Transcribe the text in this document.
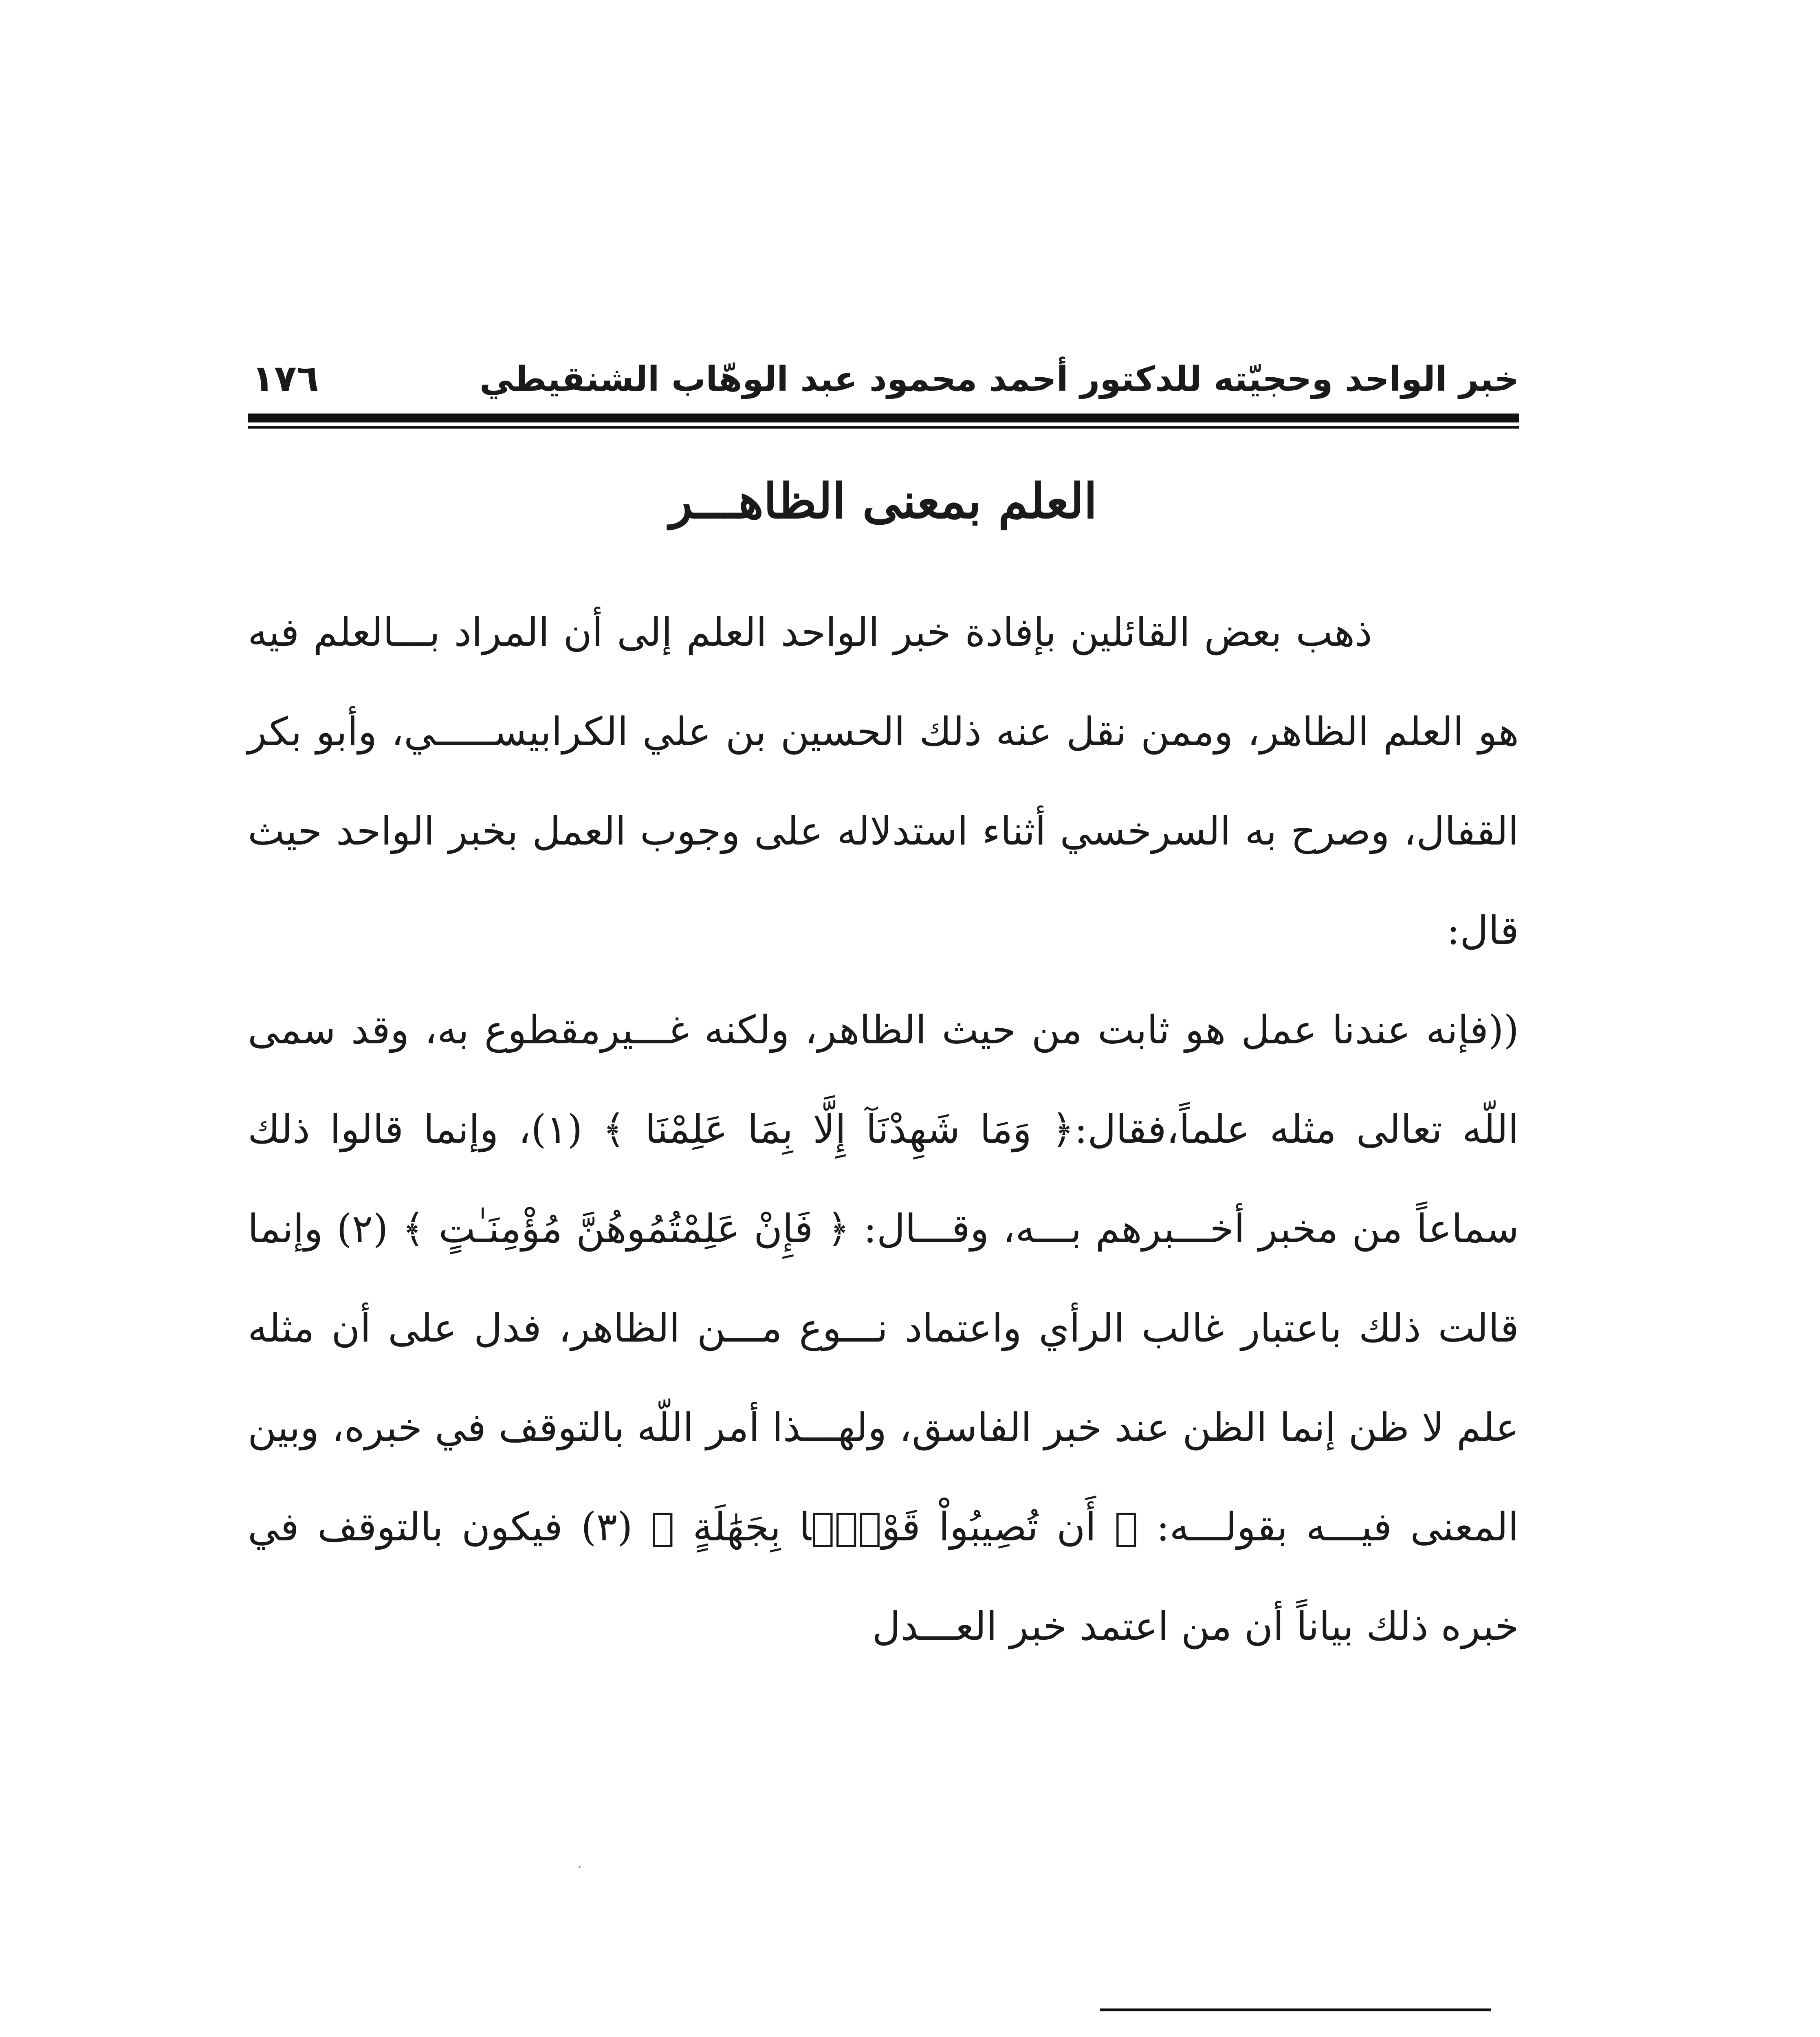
خبر الواحد وحجيّته للدكتور أحمد محمود عبد الوهّاب الشنقيطي
١٧٦
العلم بمعنى الظاهـــر

ذهب بعض القائلين بإفادة خبر الواحد العلم إلى أن المراد بـــالعلم فيه هو العلم الظاهر، وممن نقل عنه ذلك الحسين بن علي الكرابيســـــي، وأبو بكر القفال، وصرح به السرخسي أثناء استدلاله على وجوب العمل بخبر الواحد حيث قال:

((فإنه عندنا عمل هو ثابت من حيث الظاهر، ولكنه غـــيرمقطوع به، وقد سمى اللّه تعالى مثله علماً،فقال:﴿ وَمَا شَهِدْنَآ إِلَّا بِمَا عَلِمْنَا ﴾ (١)، وإنما قالوا ذلك سماعاً من مخبر أخـــبرهم بـــه، وقـــال: ﴿ فَإِنْ عَلِمْتُمُوهُنَّ مُؤْمِنَـٰتٍ ﴾ (٢) وإنما قالت ذلك باعتبار غالب الرأي واعتماد نـــوع مـــن الظاهر، فدل على أن مثله علم لا ظن إنما الظن عند خبر الفاسق، ولهـــذا أمر اللّه بالتوقف في خبره، وبين المعنى فيـــه بقولـــه: ﴿ أَن تُصِيبُواْ قَوْمَۢا بِجَهَٰلَةٍ ﴾ (٣) فيكون بالتوقف في خبره ذلك بياناً أن من اعتمد خبر العـــدل
